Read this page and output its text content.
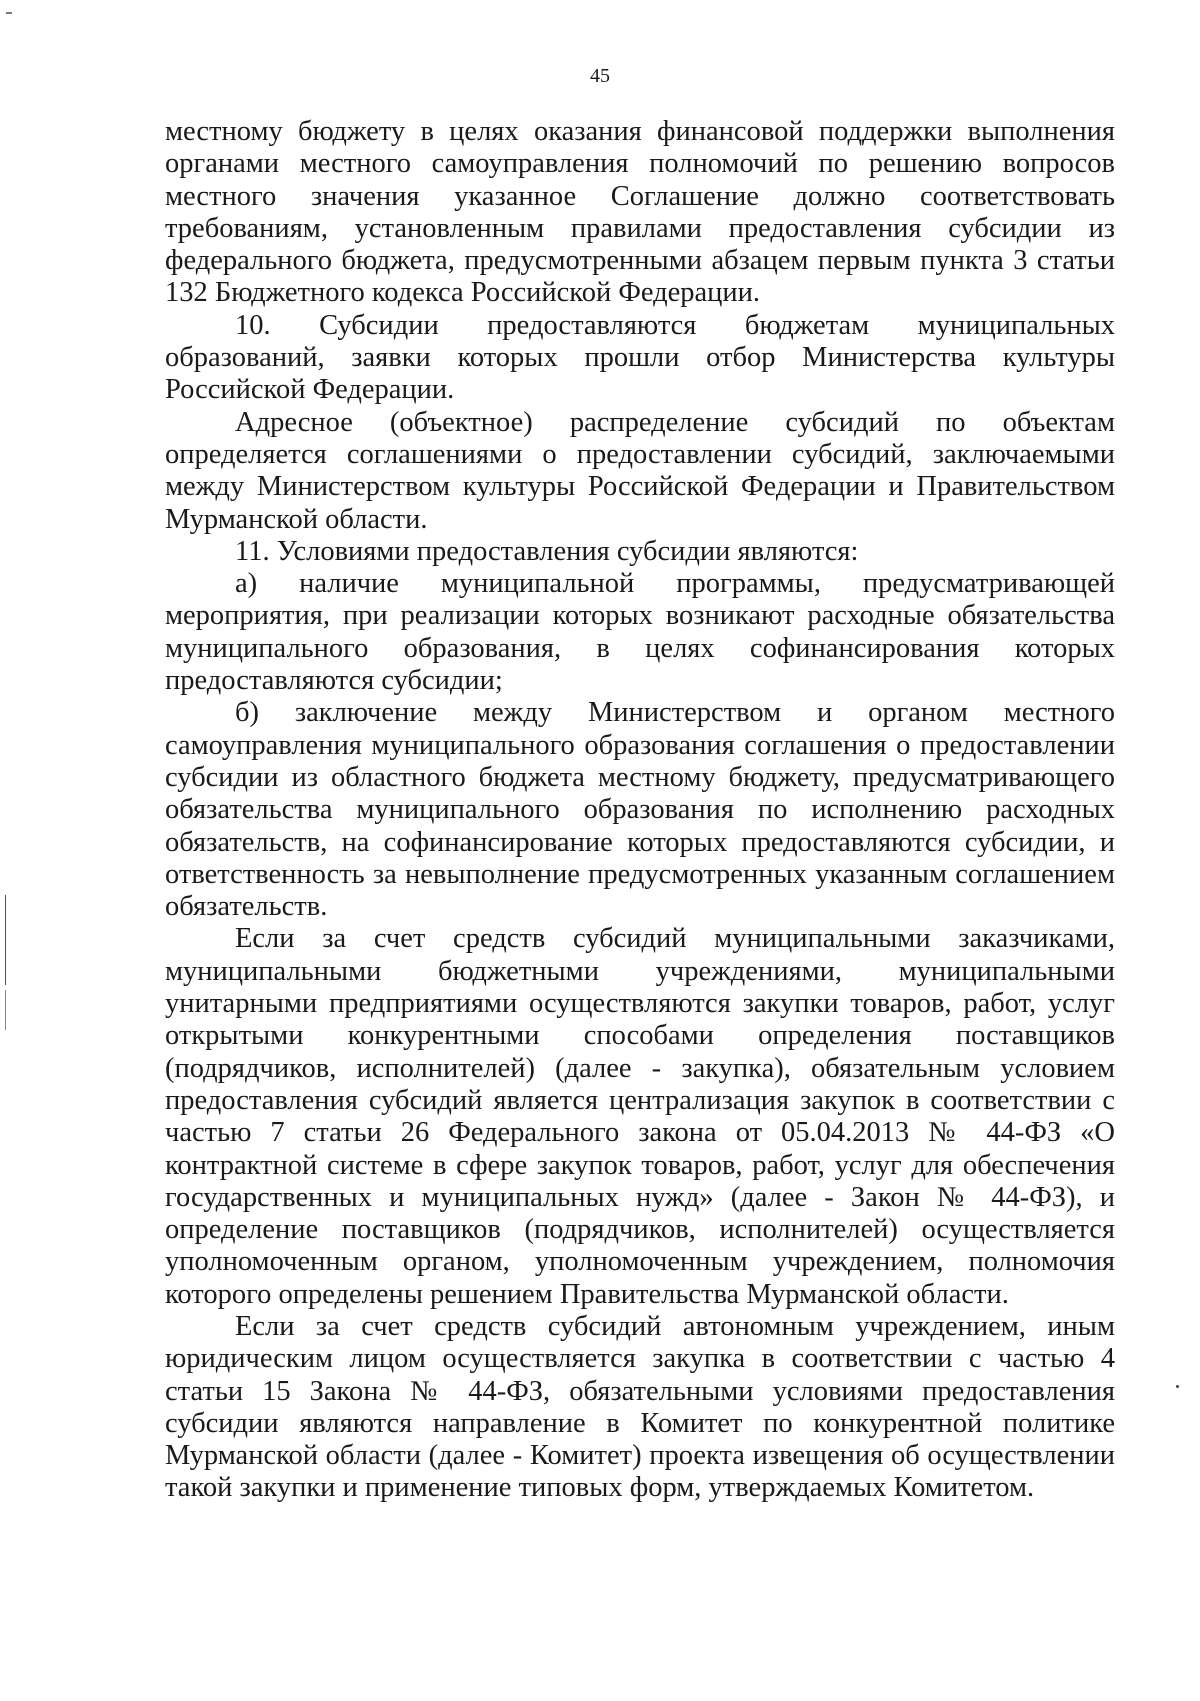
45

местному бюджету в целях оказания финансовой поддержки выполнения органами местного самоуправления полномочий по решению вопросов местного значения указанное Соглашение должно соответствовать требованиям, установленным правилами предоставления субсидии из федерального бюджета, предусмотренными абзацем первым пункта 3 статьи 132 Бюджетного кодекса Российской Федерации.

10. Субсидии предоставляются бюджетам муниципальных образований, заявки которых прошли отбор Министерства культуры Российской Федерации.

Адресное (объектное) распределение субсидий по объектам определяется соглашениями о предоставлении субсидий, заключаемыми между Министерством культуры Российской Федерации и Правительством Мурманской области.

11. Условиями предоставления субсидии являются:

а) наличие муниципальной программы, предусматривающей мероприятия, при реализации которых возникают расходные обязательства муниципального образования, в целях софинансирования которых предоставляются субсидии;

б) заключение между Министерством и органом местного самоуправления муниципального образования соглашения о предоставлении субсидии из областного бюджета местному бюджету, предусматривающего обязательства муниципального образования по исполнению расходных обязательств, на софинансирование которых предоставляются субсидии, и ответственность за невыполнение предусмотренных указанным соглашением обязательств.

Если за счет средств субсидий муниципальными заказчиками, муниципальными бюджетными учреждениями, муниципальными унитарными предприятиями осуществляются закупки товаров, работ, услуг открытыми конкурентными способами определения поставщиков (подрядчиков, исполнителей) (далее - закупка), обязательным условием предоставления субсидий является централизация закупок в соответствии с частью 7 статьи 26 Федерального закона от 05.04.2013 № 44-ФЗ «О контрактной системе в сфере закупок товаров, работ, услуг для обеспечения государственных и муниципальных нужд» (далее - Закон № 44-ФЗ), и определение поставщиков (подрядчиков, исполнителей) осуществляется уполномоченным органом, уполномоченным учреждением, полномочия которого определены решением Правительства Мурманской области.

Если за счет средств субсидий автономным учреждением, иным юридическим лицом осуществляется закупка в соответствии с частью 4 статьи 15 Закона № 44-ФЗ, обязательными условиями предоставления субсидии являются направление в Комитет по конкурентной политике Мурманской области (далее - Комитет) проекта извещения об осуществлении такой закупки и применение типовых форм, утверждаемых Комитетом.
